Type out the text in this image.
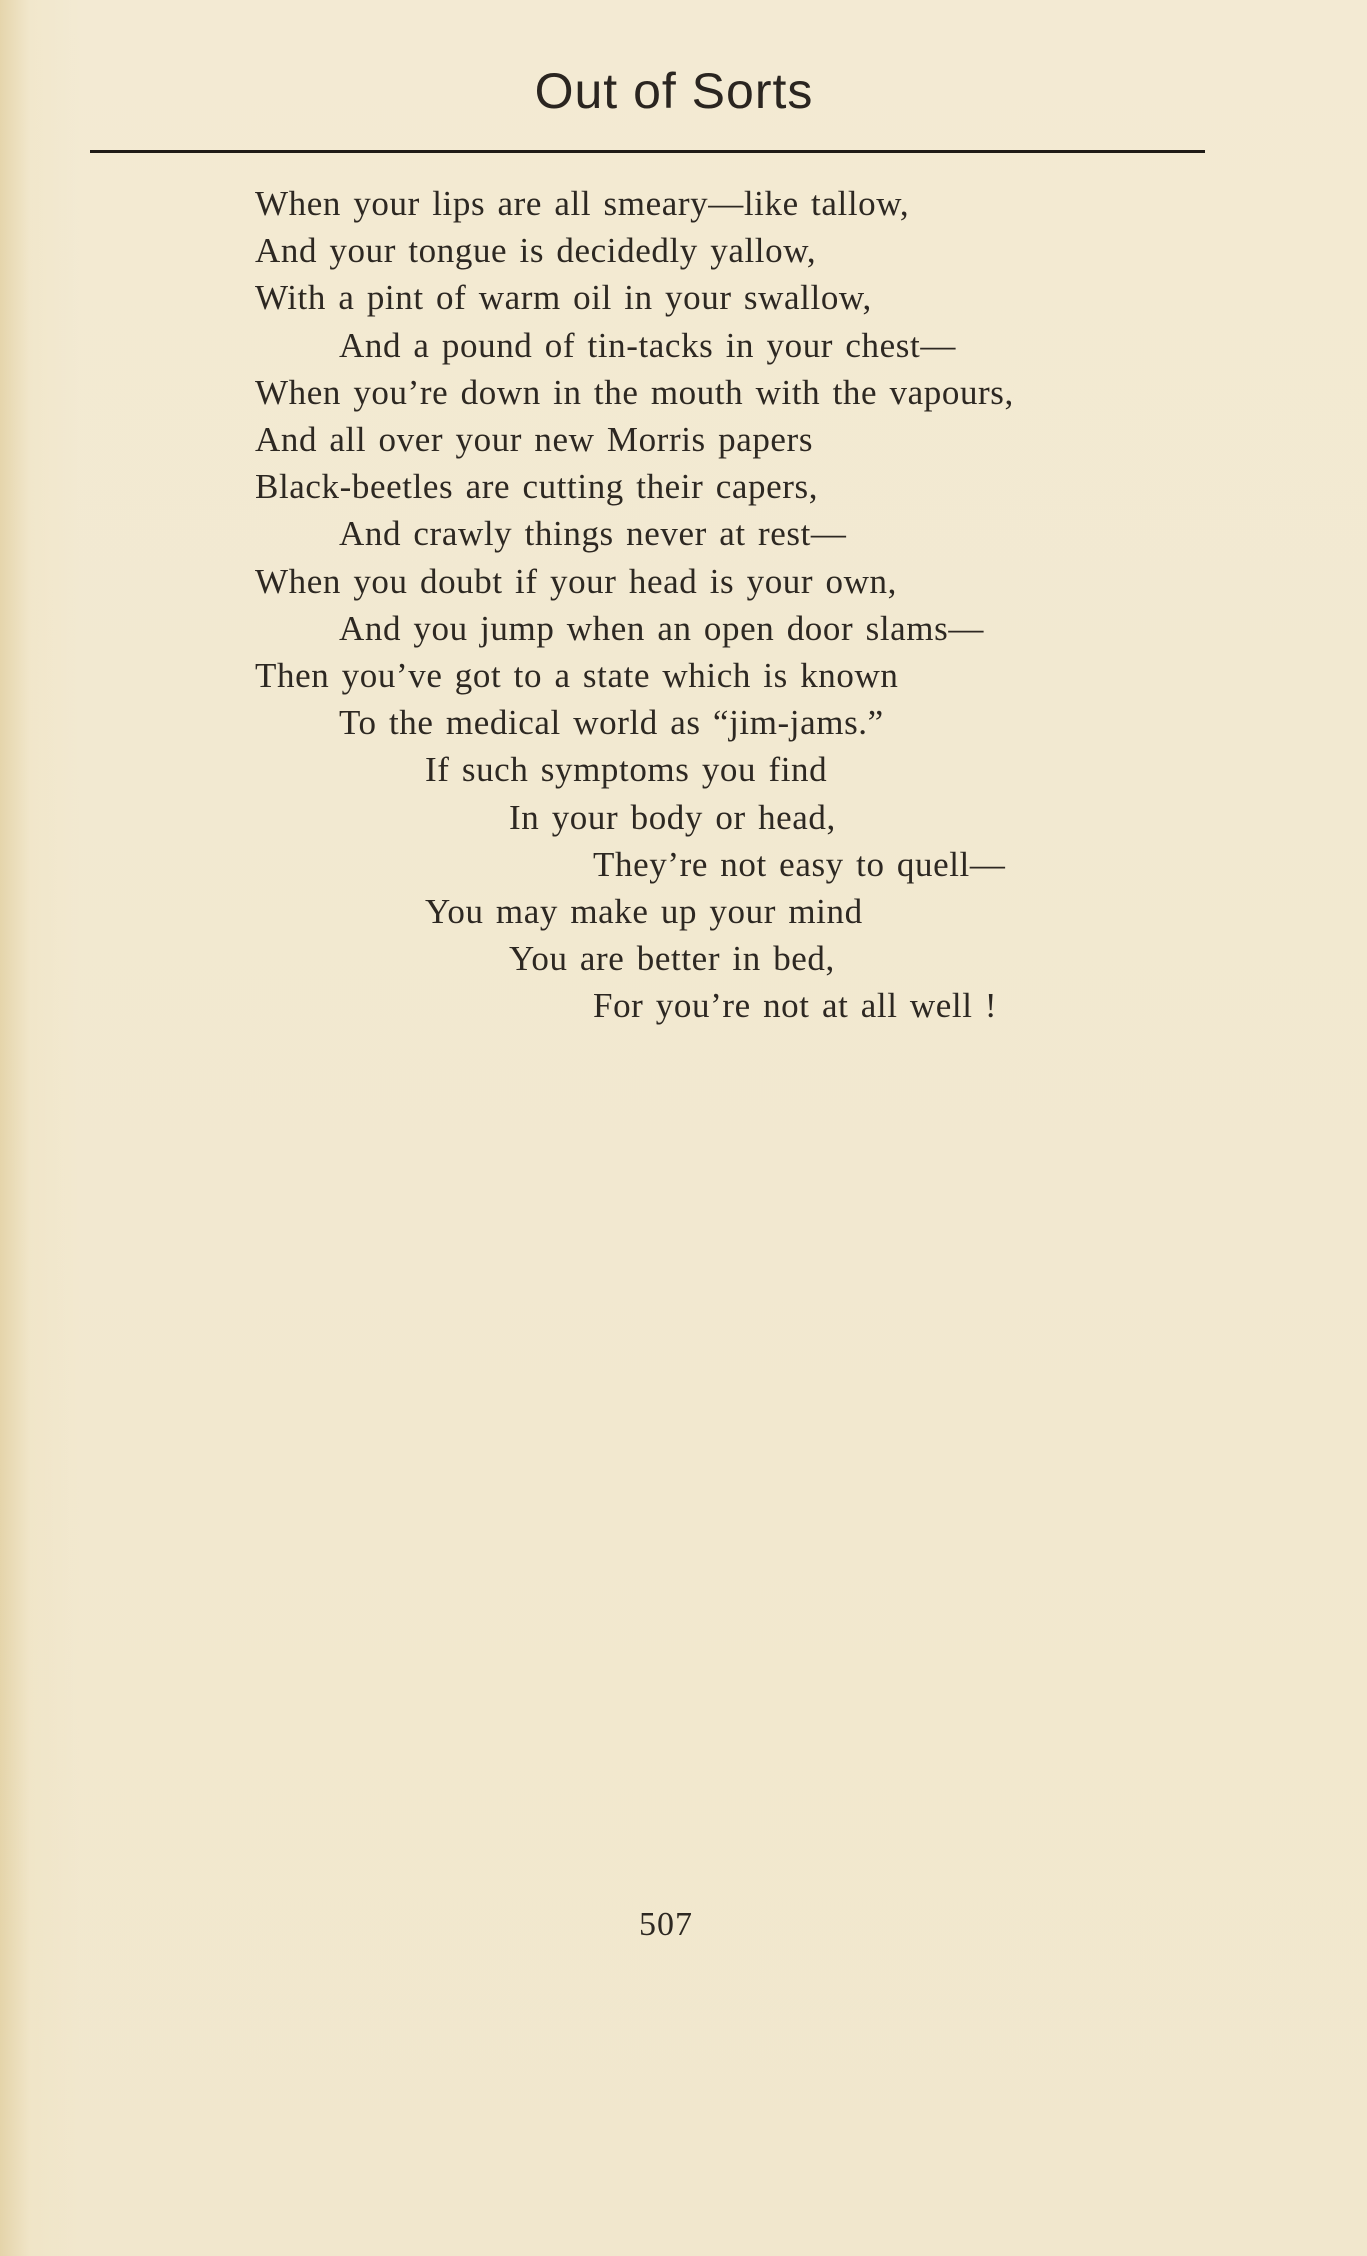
Out of Sorts
When your lips are all smeary—like tallow,
And your tongue is decidedly yallow,
With a pint of warm oil in your swallow,
And a pound of tin-tacks in your chest—
When you’re down in the mouth with the vapours,
And all over your new Morris papers
Black-beetles are cutting their capers,
And crawly things never at rest—
When you doubt if your head is your own,
And you jump when an open door slams—
Then you’ve got to a state which is known
To the medical world as “jim-jams.”
If such symptoms you find
In your body or head,
They’re not easy to quell—
You may make up your mind
You are better in bed,
For you’re not at all well !
507
